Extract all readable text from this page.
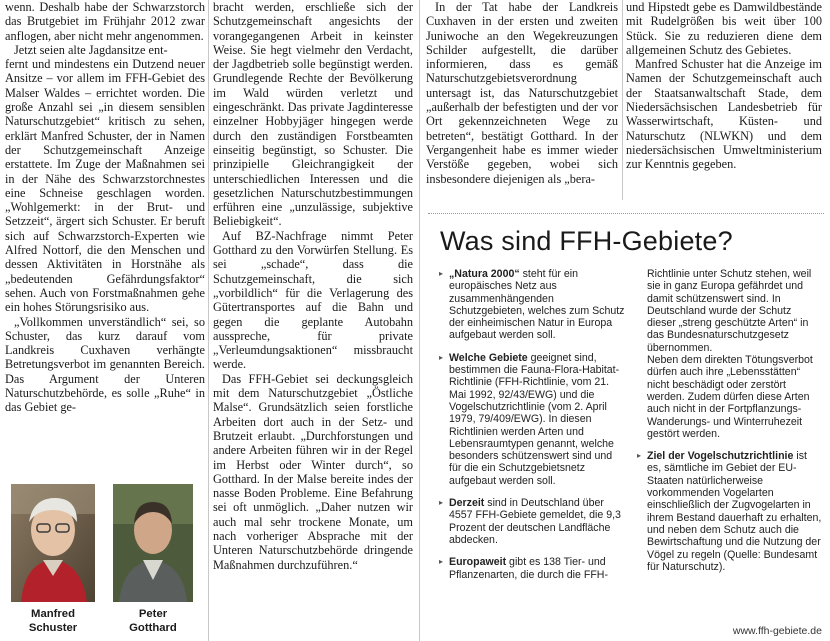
wenn. Deshalb habe der Schwarzstorch das Brutgebiet im Frühjahr 2012 zwar anflogen, aber nicht mehr angenommen.

Jetzt seien alte Jagdansitze ent-

fernt und mindestens ein Dutzend neuer Ansitze – vor allem im FFH-Gebiet des Malser Waldes – errichtet worden. Die große Anzahl sei „in diesem sensiblen Naturschutzgebiet“ kritisch zu sehen, erklärt Manfred Schuster, der in Namen der Schutzgemeinschaft Anzeige erstattete. Im Zuge der Maßnahmen sei in der Nähe des Schwarzstorchnestes eine Schneise geschlagen worden. „Wohlgemerkt: in der Brut- und Setzzeit“, ärgert sich Schuster. Er beruft sich auf Schwarzstorch-Experten wie Alfred Nottorf, die den Menschen und dessen Aktivitäten in Horstnähe als „bedeutenden Gefährdungsfaktor“ sehen. Auch von Forstmaßnahmen gehe ein hohes Störungsrisiko aus.

„Vollkommen unverständlich“ sei, so Schuster, das kurz darauf vom Landkreis Cuxhaven verhängte Betretungsverbot im genannten Bereich. Das Argument der Unteren Naturschutzbehörde, es solle „Ruhe“ in das Gebiet ge-

Manfred
Schuster
Peter
Gotthard

bracht werden, erschließe sich der Schutzgemeinschaft angesichts der vorangegangenen Arbeit in keinster Weise. Sie hegt vielmehr den Verdacht, der Jagdbetrieb solle begünstigt werden. Grundlegende Rechte der Bevölkerung im Wald würden verletzt und eingeschränkt. Das private Jagdinteresse einzelner Hobbyjäger hingegen werde durch den zuständigen Forstbeamten einseitig begünstigt, so Schuster. Die prinzipielle Gleichrangigkeit der unterschiedlichen Interessen und die gesetzlichen Naturschutzbestimmungen erführen eine „unzulässige, subjektive Beliebigkeit“.

Auf BZ-Nachfrage nimmt Peter Gotthard zu den Vorwürfen Stellung. Es sei „schade“, dass die Schutzgemeinschaft, die sich „vorbildlich“ für die Verlagerung des Gütertransportes auf die Bahn und gegen die geplante Autobahn ausspreche, für private „Verleumdungsaktionen“ missbraucht werde.

Das FFH-Gebiet sei deckungsgleich mit dem Naturschutzgebiet „Östliche Malse“. Grundsätzlich seien forstliche Arbeiten dort auch in der Setz- und Brutzeit erlaubt. „Durchforstungen und andere Arbeiten führen wir in der Regel im Herbst oder Winter durch“, so Gotthard. In der Malse bereite indes der nasse Boden Probleme. Eine Befahrung sei oft unmöglich. „Daher nutzen wir auch mal sehr trockene Monate, um nach vorheriger Absprache mit der Unteren Naturschutzbehörde dringende Maßnahmen durchzuführen.“

In der Tat habe der Landkreis Cuxhaven in der ersten und zweiten Juniwoche an den Wegekreuzungen Schilder aufgestellt, die darüber informieren, dass es gemäß Naturschutzgebietsverordnung untersagt ist, das Naturschutzgebiet „außerhalb der befestigten und der vor Ort gekennzeichneten Wege zu betreten“, bestätigt Gotthard. In der Vergangenheit habe es immer wieder Verstöße gegeben, wobei sich insbesondere diejenigen als „bera-

und Hipstedt gebe es Damwildbestände mit Rudelgrößen bis weit über 100 Stück. Sie zu reduzieren diene dem allgemeinen Schutz des Gebietes.

Manfred Schuster hat die Anzeige im Namen der Schutzgemeinschaft auch der Staatsanwaltschaft Stade, dem Niedersächsischen Landesbetrieb für Wasserwirtschaft, Küsten- und Naturschutz (NLWKN) und dem niedersächsischen Umweltministerium zur Kenntnis gegeben.

Was sind FFH-Gebiete?

▸ „Natura 2000“ steht für ein europäisches Netz aus zusammenhängenden Schutzgebieten, welches zum Schutz der einheimischen Natur in Europa aufgebaut werden soll.

▸ Welche Gebiete geeignet sind, bestimmen die Fauna-Flora-Habitat-Richtlinie (FFH-Richtlinie, vom 21. Mai 1992, 92/43/EWG) und die Vogelschutzrichtlinie (vom 2. April 1979, 79/409/EWG). In diesen Richtlinien werden Arten und Lebensraumtypen genannt, welche besonders schützenswert sind und für die ein Schutzgebietsnetz aufgebaut werden soll.

▸ Derzeit sind in Deutschland über 4557 FFH-Gebiete gemeldet, die 9,3 Prozent der deutschen Landfläche abdecken.

▸ Europaweit gibt es 138 Tier- und Pflanzenarten, die durch die FFH-

Richtlinie unter Schutz stehen, weil sie in ganz Europa gefährdet und damit schützenswert sind. In Deutschland wurde der Schutz dieser „streng geschützte Arten“ in das Bundesnaturschutzgesetz übernommen.

Neben dem direkten Tötungsverbot dürfen auch ihre „Lebensstätten“ nicht beschädigt oder zerstört werden. Zudem dürfen diese Arten auch nicht in der Fortpflanzungs- Wanderungs- und Winterruhezeit gestört werden.

▸ Ziel der Vogelschutzrichtlinie ist es, sämtliche im Gebiet der EU-Staaten natürlicherweise vorkommenden Vogelarten einschließlich der Zugvogelarten in ihrem Bestand dauerhaft zu erhalten, und neben dem Schutz auch die Bewirtschaftung und die Nutzung der Vögel zu regeln (Quelle: Bundesamt für Naturschutz).

www.ffh-gebiete.de
